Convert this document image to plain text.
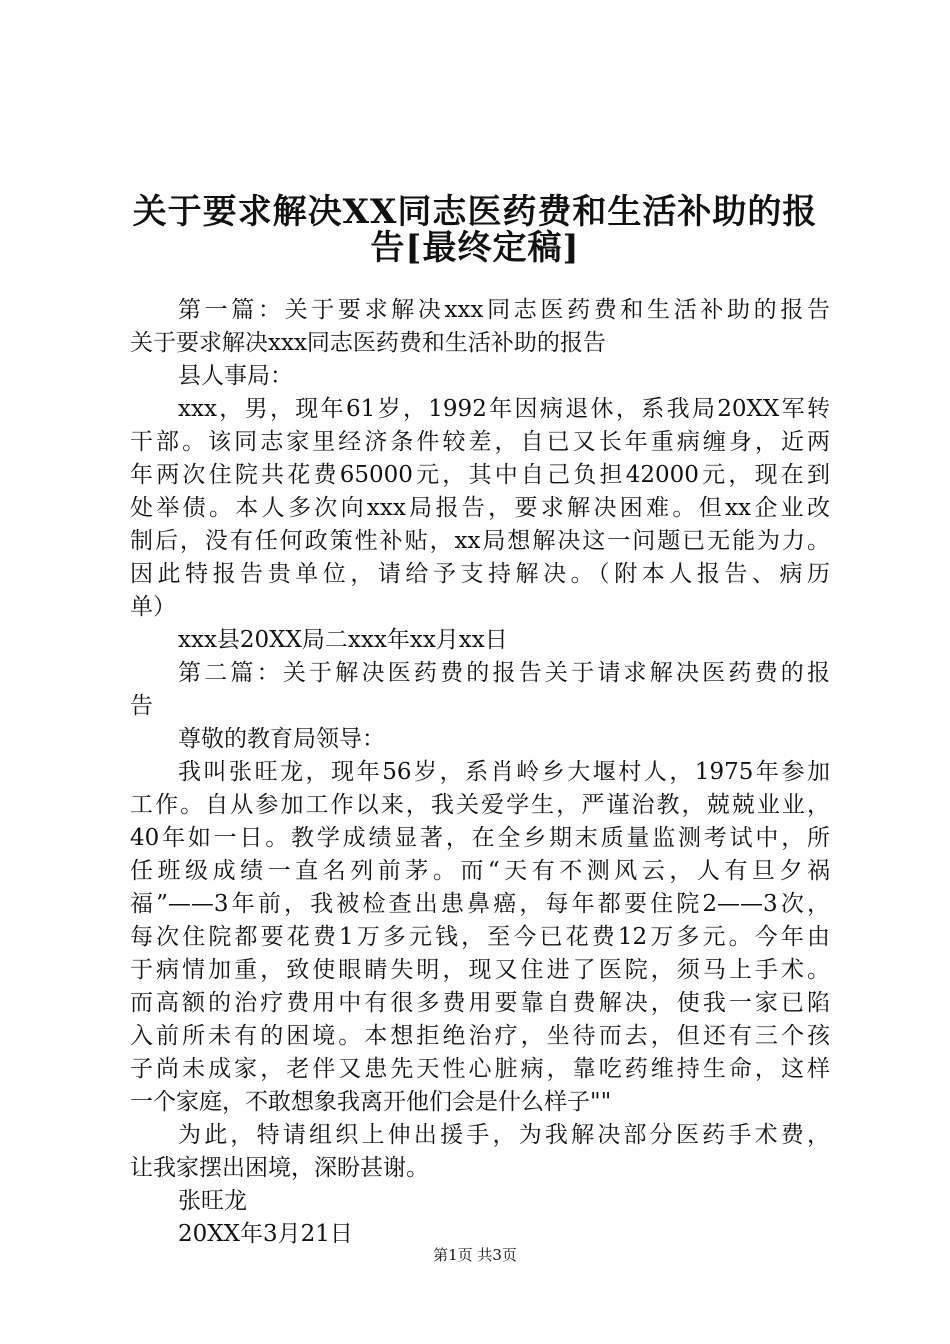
关于要求解决XX同志医药费和生活补助的报
告[最终定稿]
第一篇：关于要求解决xxx同志医药费和生活补助的报告
关于要求解决xxx同志医药费和生活补助的报告
县人事局：
xxx，男，现年61岁，1992年因病退休，系我局20XX军转
干部。该同志家里经济条件较差，自已又长年重病缠身，近两
年两次住院共花费65000元，其中自己负担42000元，现在到
处举债。本人多次向xxx局报告，要求解决困难。但xx企业改
制后，没有任何政策性补贴，xx局想解决这一问题已无能为力。
因此特报告贵单位，请给予支持解决。（附本人报告、病历
单）
xxx县20XX局二xxx年xx月xx日
第二篇：关于解决医药费的报告关于请求解决医药费的报
告
尊敬的教育局领导：
我叫张旺龙，现年56岁，系肖岭乡大堰村人，1975年参加
工作。自从参加工作以来，我关爱学生，严谨治教，兢兢业业，
40年如一日。教学成绩显著，在全乡期末质量监测考试中，所
任班级成绩一直名列前茅。而“天有不测风云，人有旦夕祸
福”——3年前，我被检查出患鼻癌，每年都要住院2——3次，
每次住院都要花费1万多元钱，至今已花费12万多元。今年由
于病情加重，致使眼睛失明，现又住进了医院，须马上手术。
而高额的治疗费用中有很多费用要靠自费解决，使我一家已陷
入前所未有的困境。本想拒绝治疗，坐待而去，但还有三个孩
子尚未成家，老伴又患先天性心脏病，靠吃药维持生命，这样
一个家庭，不敢想象我离开他们会是什么样子""
为此，特请组织上伸出援手，为我解决部分医药手术费，
让我家摆出困境，深盼甚谢。
张旺龙
20XX年3月21日
第1页 共3页
